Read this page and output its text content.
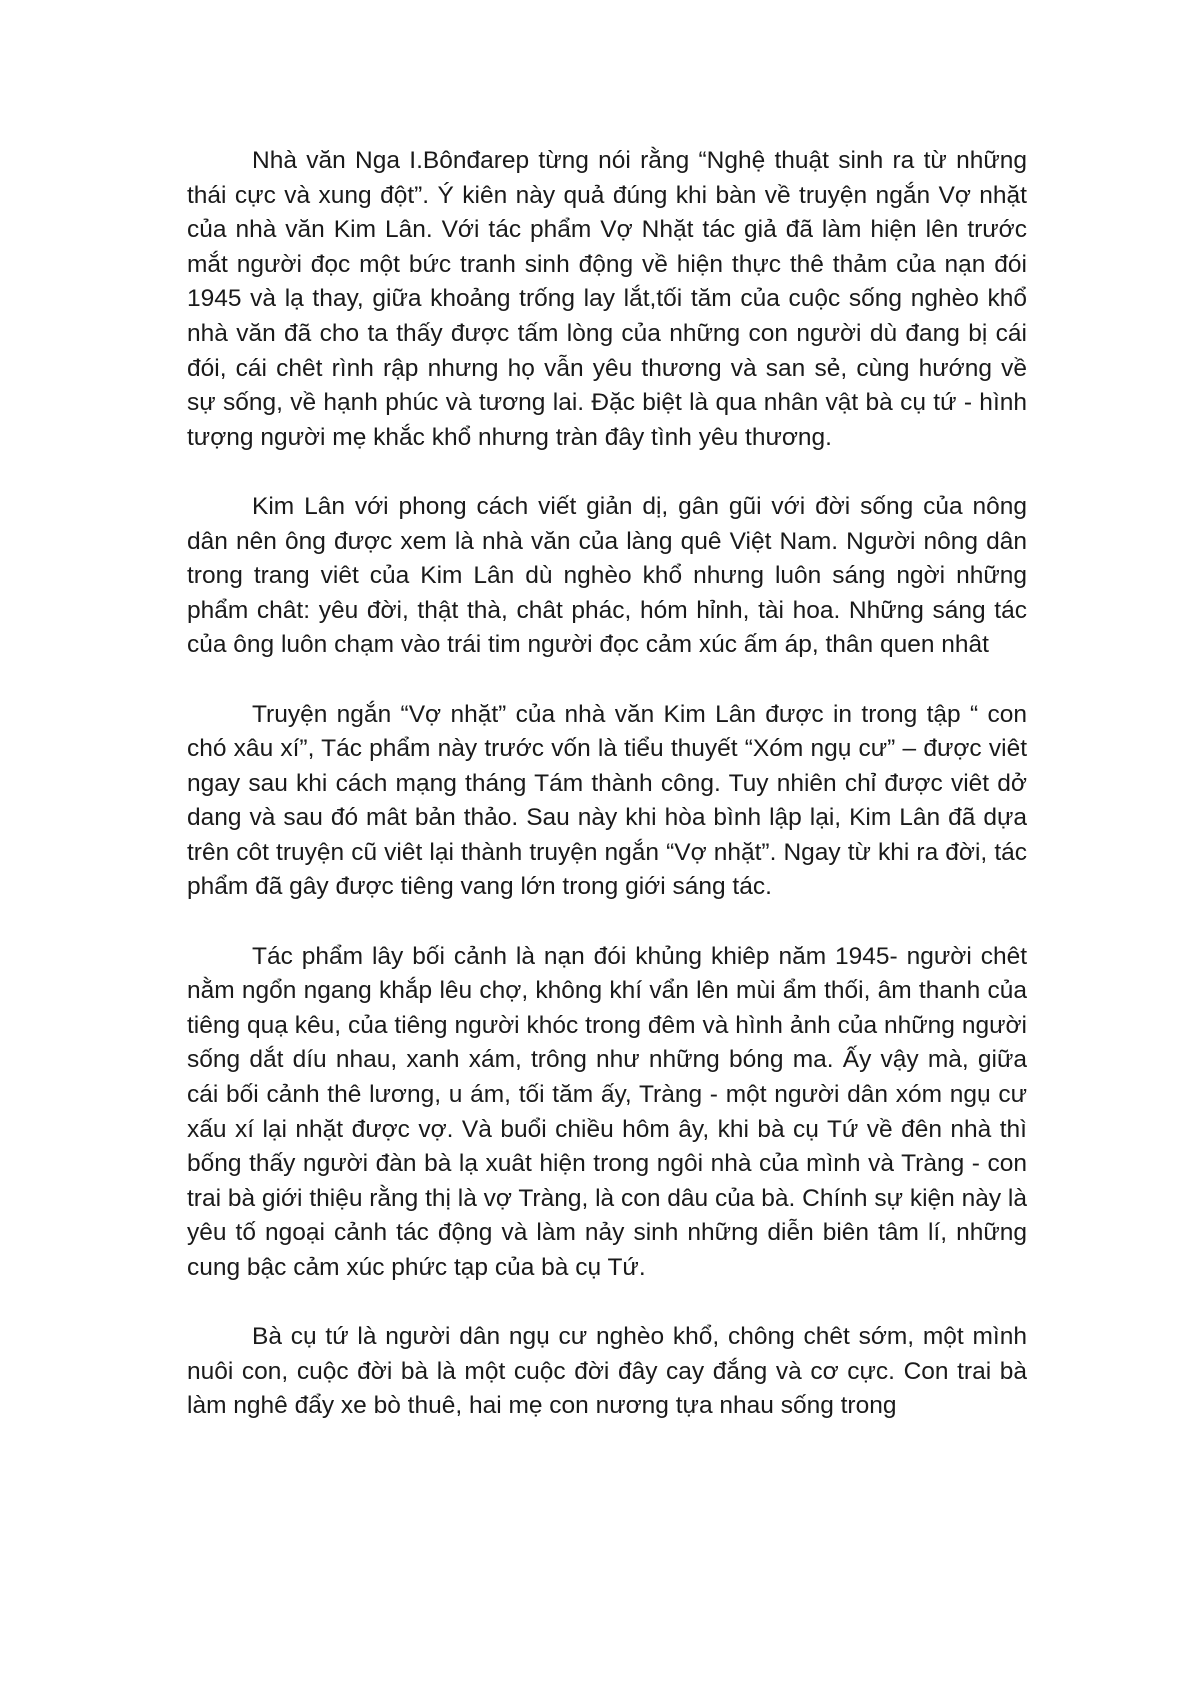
Nhà văn Nga I.Bônđarep từng nói rằng “Nghệ thuật sinh ra từ những thái cực và xung đột”. Ý kiên này quả đúng khi bàn về truyện ngắn Vợ nhặt của nhà văn Kim Lân. Với tác phẩm Vợ Nhặt tác giả đã làm hiện lên trước mắt người đọc một bức tranh sinh động về hiện thực thê thảm của nạn đói 1945 và lạ thay, giữa khoảng trống lay lắt,tối tăm của cuộc sống nghèo khổ nhà văn đã cho ta thấy được tấm lòng của những con người dù đang bị cái đói, cái chêt rình rập nhưng họ vẫn yêu thương và san sẻ, cùng hướng về sự sống, về hạnh phúc và tương lai. Đặc biệt là qua nhân vật bà cụ tứ - hình tượng người mẹ khắc khổ nhưng tràn đây tình yêu thương.

Kim Lân với phong cách viết giản dị, gân gũi với đời sống của nông dân nên ông được xem là nhà văn của làng quê Việt Nam. Người nông dân trong trang viêt của Kim Lân dù nghèo khổ nhưng luôn sáng ngời những phẩm chât: yêu đời, thật thà, chât phác, hóm hỉnh, tài hoa. Những sáng tác của ông luôn chạm vào trái tim người đọc cảm xúc ấm áp, thân quen nhât

Truyện ngắn “Vợ nhặt” của nhà văn Kim Lân được in trong tập “ con chó xâu xí”, Tác phẩm này trước vốn là tiểu thuyết “Xóm ngụ cư” – được viêt ngay sau khi cách mạng tháng Tám thành công. Tuy nhiên chỉ được viêt dở dang và sau đó mât bản thảo. Sau này khi hòa bình lập lại, Kim Lân đã dựa trên côt truyện cũ viêt lại thành truyện ngắn “Vợ nhặt”. Ngay từ khi ra đời, tác phẩm đã gây được tiêng vang lớn trong giới sáng tác.

Tác phẩm lây bối cảnh là nạn đói khủng khiêp năm 1945- người chêt nằm ngổn ngang khắp lêu chợ, không khí vẩn lên mùi ẩm thối, âm thanh của tiêng quạ kêu, của tiêng người khóc trong đêm và hình ảnh của những người sống dắt díu nhau, xanh xám, trông như những bóng ma. Ấy vậy mà, giữa cái bối cảnh thê lương, u ám, tối tăm ấy, Tràng - một người dân xóm ngụ cư xấu xí lại nhặt được vợ. Và buổi chiều hôm ây, khi bà cụ Tứ về đên nhà thì bống thấy người đàn bà lạ xuât hiện trong ngôi nhà của mình và Tràng - con trai bà giới thiệu rằng thị là vợ Tràng, là con dâu của bà. Chính sự kiện này là yêu tố ngoại cảnh tác động và làm nảy sinh những diễn biên tâm lí, những cung bậc cảm xúc phức tạp của bà cụ Tứ.

Bà cụ tứ là người dân ngụ cư nghèo khổ, chông chêt sớm, một mình nuôi con, cuộc đời bà là một cuộc đời đây cay đắng và cơ cực. Con trai bà làm nghê đẩy xe bò thuê, hai mẹ con nương tựa nhau sống trong
